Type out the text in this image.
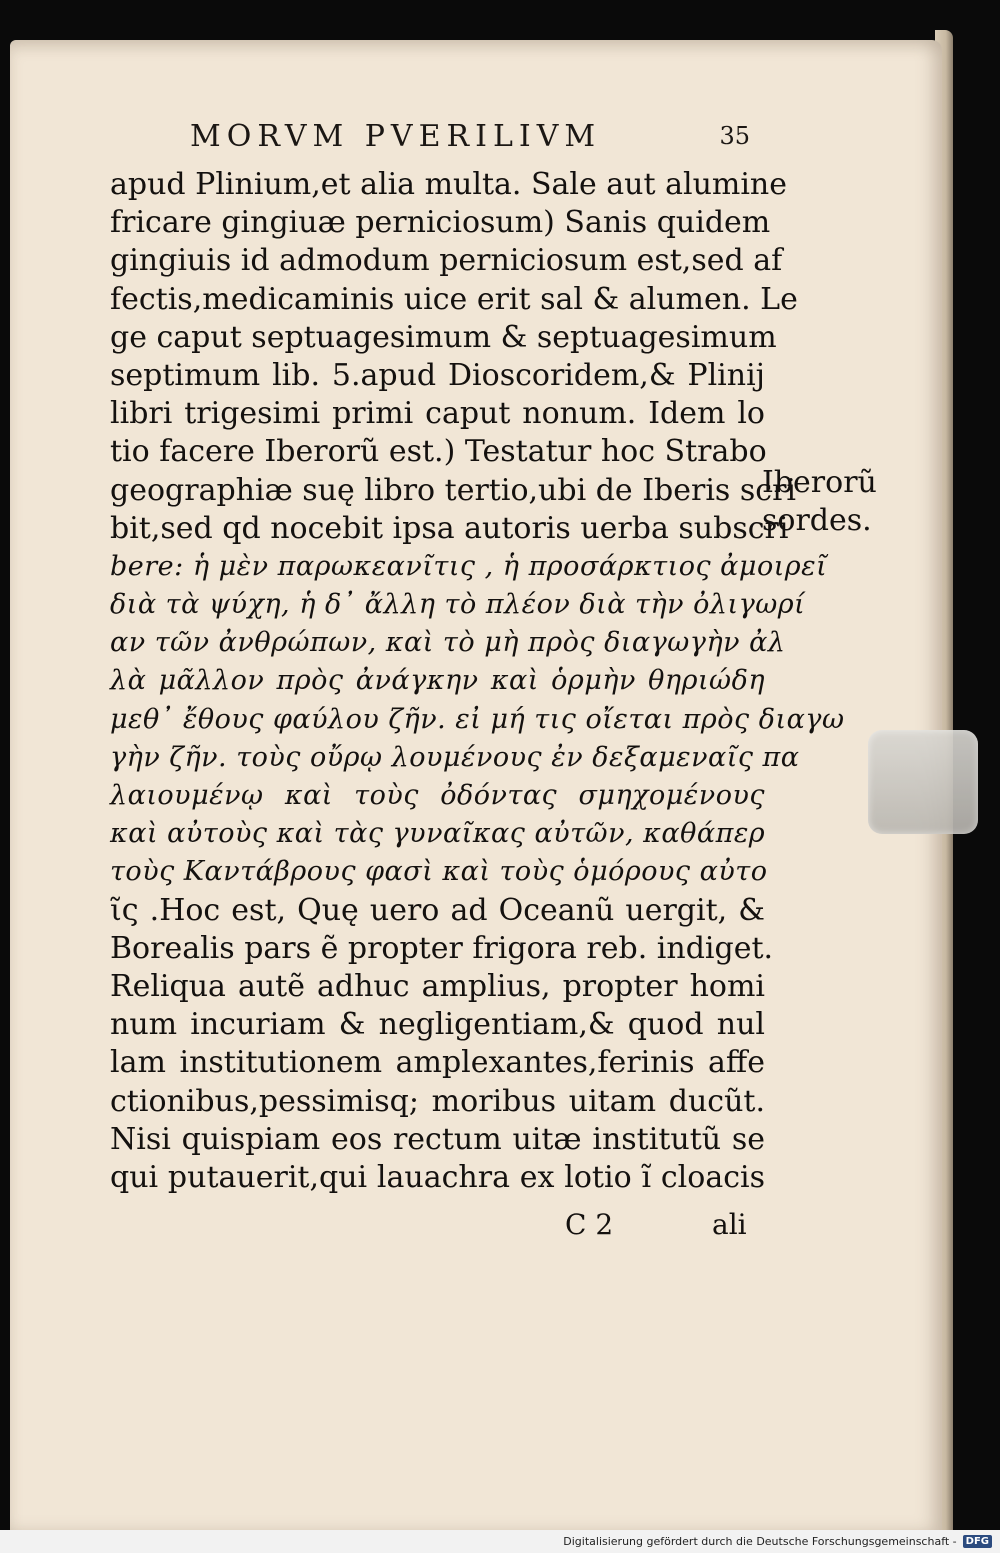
MORVM PVERILIVM	35
apud Plinium,et alia multa. Sale aut alumine
fricare gingiuæ perniciosum) Sanis quidem
gingiuis id admodum perniciosum est,sed af
fectis,medicaminis uice erit sal & alumen. Le
ge caput septuagesimum & septuagesimum
septimum lib. 5.apud Dioscoridem,& Plinij
libri trigesimi primi caput nonum. Idem lo
tio facere Iberorũ est.) Testatur hoc Strabo
geographiæ suę libro tertio,ubi de Iberis scri
bit,sed qd nocebit ipsa autoris uerba subscri
bere: ἡ μὲν παρωκεανῖτις , ἡ προσάρκτιος ἀμοιρεῖ
διὰ τὰ ψύχη, ἡ δ᾽ ἄλλη τὸ πλέον διὰ τὴν ὀλιγωρί
αν τῶν ἀνθρώπων, καὶ τὸ μὴ πρὸς διαγωγὴν ἀλ
λὰ μᾶλλον πρὸς ἀνάγκην καὶ ὁρμὴν θηριώδη
μεθ᾽ ἔθους φαύλου ζῆν. εἰ μή τις οἴεται πρὸς διαγω
γὴν ζῆν. τοὺς οὔρῳ λουμένους ἐν δεξαμεναῖς πα
λαιουμένῳ καὶ τοὺς ὀδόντας σμηχομένους
καὶ αὐτοὺς καὶ τὰς γυναῖκας αὐτῶν, καθάπερ
τοὺς Καντάβρους φασὶ καὶ τοὺς ὁμόρους αὐτο
ῖς .Hoc est, Quę uero ad Oceanũ uergit, &
Borealis pars ẽ propter frigora reb. indiget.
Reliqua autẽ adhuc amplius, propter homi
num incuriam & negligentiam,& quod nul
lam institutionem amplexantes,ferinis affe
ctionibus,pessimisq; moribus uitam ducũt.
Nisi quispiam eos rectum uitæ institutũ se
qui putauerit,qui lauachra ex lotio ĩ cloacis
Iberorũ
sordes.
C 2	ali
Digitalisierung gefördert durch die Deutsche Forschungsgemeinschaft - DFG
